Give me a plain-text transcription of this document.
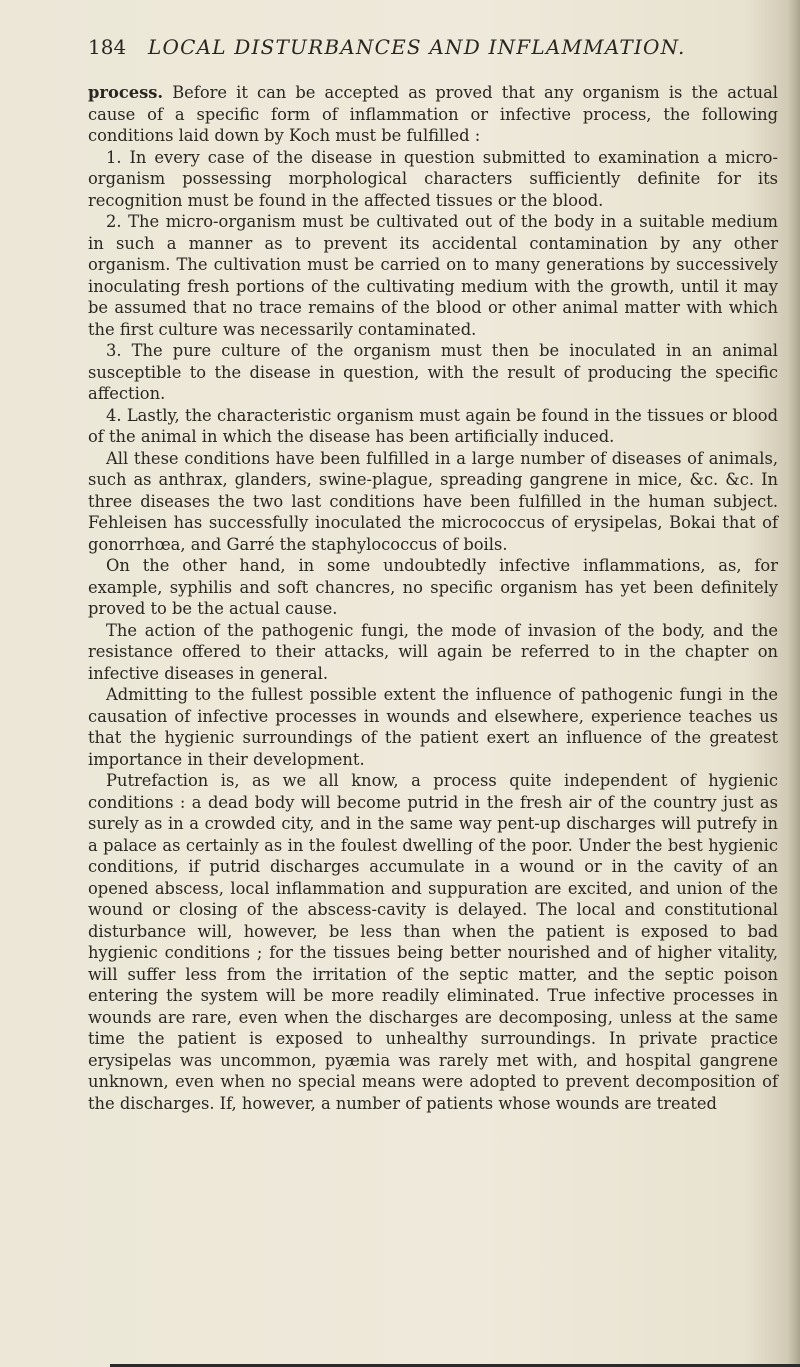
184 LOCAL DISTURBANCES AND INFLAMMATION.

process. Before it can be accepted as proved that any organism is the actual cause of a specific form of inflammation or infective process, the following conditions laid down by Koch must be fulfilled :

1. In every case of the disease in question submitted to examination a micro-organism possessing morphological characters sufficiently definite for its recognition must be found in the affected tissues or the blood.

2. The micro-organism must be cultivated out of the body in a suitable medium in such a manner as to prevent its accidental contamination by any other organism. The cultivation must be carried on to many generations by successively inoculating fresh portions of the cultivating medium with the growth, until it may be assumed that no trace remains of the blood or other animal matter with which the first culture was necessarily contaminated.

3. The pure culture of the organism must then be inoculated in an animal susceptible to the disease in question, with the result of producing the specific affection.

4. Lastly, the characteristic organism must again be found in the tissues or blood of the animal in which the disease has been artificially induced.

All these conditions have been fulfilled in a large number of diseases of animals, such as anthrax, glanders, swine-plague, spreading gangrene in mice, &c. &c. In three diseases the two last conditions have been fulfilled in the human subject. Fehleisen has successfully inoculated the micrococcus of erysipelas, Bokai that of gonorrhœa, and Garré the staphylococcus of boils.

On the other hand, in some undoubtedly infective inflammations, as, for example, syphilis and soft chancres, no specific organism has yet been definitely proved to be the actual cause.

The action of the pathogenic fungi, the mode of invasion of the body, and the resistance offered to their attacks, will again be referred to in the chapter on infective diseases in general.

Admitting to the fullest possible extent the influence of pathogenic fungi in the causation of infective processes in wounds and elsewhere, experience teaches us that the hygienic surroundings of the patient exert an influence of the greatest importance in their development.

Putrefaction is, as we all know, a process quite independent of hygienic conditions : a dead body will become putrid in the fresh air of the country just as surely as in a crowded city, and in the same way pent-up discharges will putrefy in a palace as certainly as in the foulest dwelling of the poor. Under the best hygienic conditions, if putrid discharges accumulate in a wound or in the cavity of an opened abscess, local inflammation and suppuration are excited, and union of the wound or closing of the abscess-cavity is delayed. The local and constitutional disturbance will, however, be less than when the patient is exposed to bad hygienic conditions ; for the tissues being better nourished and of higher vitality, will suffer less from the irritation of the septic matter, and the septic poison entering the system will be more readily eliminated. True infective processes in wounds are rare, even when the discharges are decomposing, unless at the same time the patient is exposed to unhealthy surroundings. In private practice erysipelas was uncommon, pyæmia was rarely met with, and hospital gangrene unknown, even when no special means were adopted to prevent decomposition of the discharges. If, however, a number of patients whose wounds are treated
